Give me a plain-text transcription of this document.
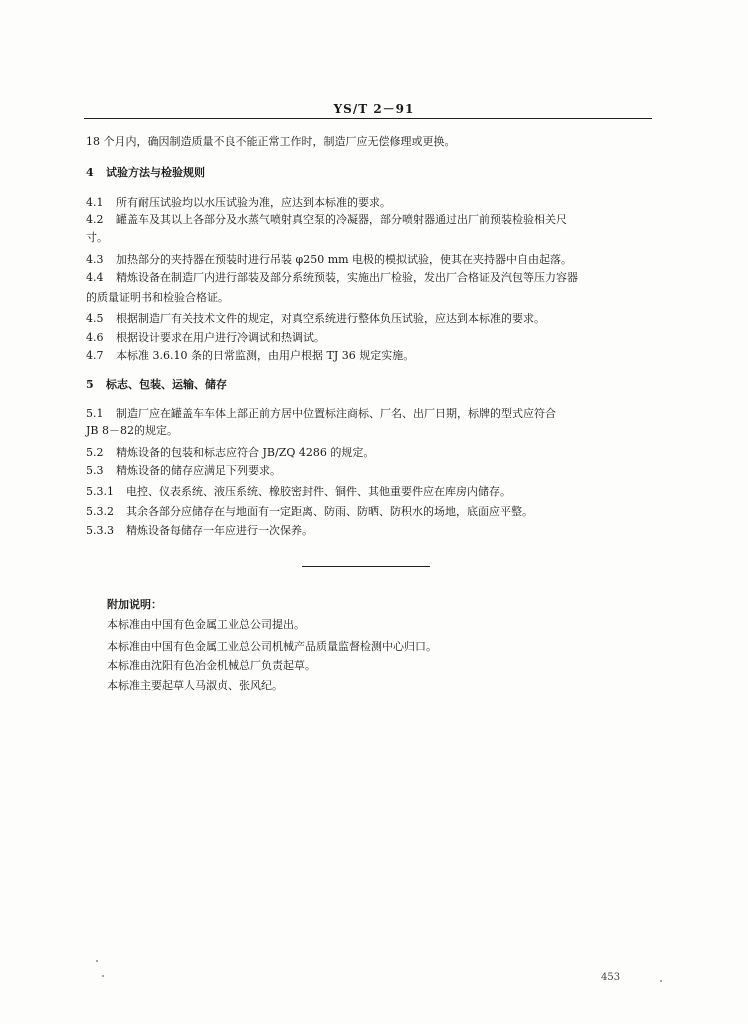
YS/T 2－91
18 个月内，确因制造质量不良不能正常工作时，制造厂应无偿修理或更换。
4 试验方法与检验规则
4.1 所有耐压试验均以水压试验为准，应达到本标准的要求。
4.2 罐盖车及其以上各部分及水蒸气喷射真空泵的冷凝器，部分喷射器通过出厂前预装检验相关尺
寸。
4.3 加热部分的夹持器在预装时进行吊装 φ250 mm 电极的模拟试验，使其在夹持器中自由起落。
4.4 精炼设备在制造厂内进行部装及部分系统预装，实施出厂检验，发出厂合格证及汽包等压力容器
的质量证明书和检验合格证。
4.5 根据制造厂有关技术文件的规定，对真空系统进行整体负压试验，应达到本标准的要求。
4.6 根据设计要求在用户进行冷调试和热调试。
4.7 本标准 3.6.10 条的日常监测，由用户根据 TJ 36 规定实施。
5 标志、包装、运输、储存
5.1 制造厂应在罐盖车车体上部正前方居中位置标注商标、厂名、出厂日期，标牌的型式应符合
JB 8－82的规定。
5.2 精炼设备的包装和标志应符合 JB/ZQ 4286 的规定。
5.3 精炼设备的储存应满足下列要求。
5.3.1 电控、仪表系统、液压系统、橡胶密封件、铜件、其他重要件应在库房内储存。
5.3.2 其余各部分应储存在与地面有一定距离、防雨、防晒、防积水的场地，底面应平整。
5.3.3 精炼设备每储存一年应进行一次保养。
附加说明：
本标准由中国有色金属工业总公司提出。
本标准由中国有色金属工业总公司机械产品质量监督检测中心归口。
本标准由沈阳有色冶金机械总厂负责起草。
本标准主要起草人马淑贞、张风纪。
453
